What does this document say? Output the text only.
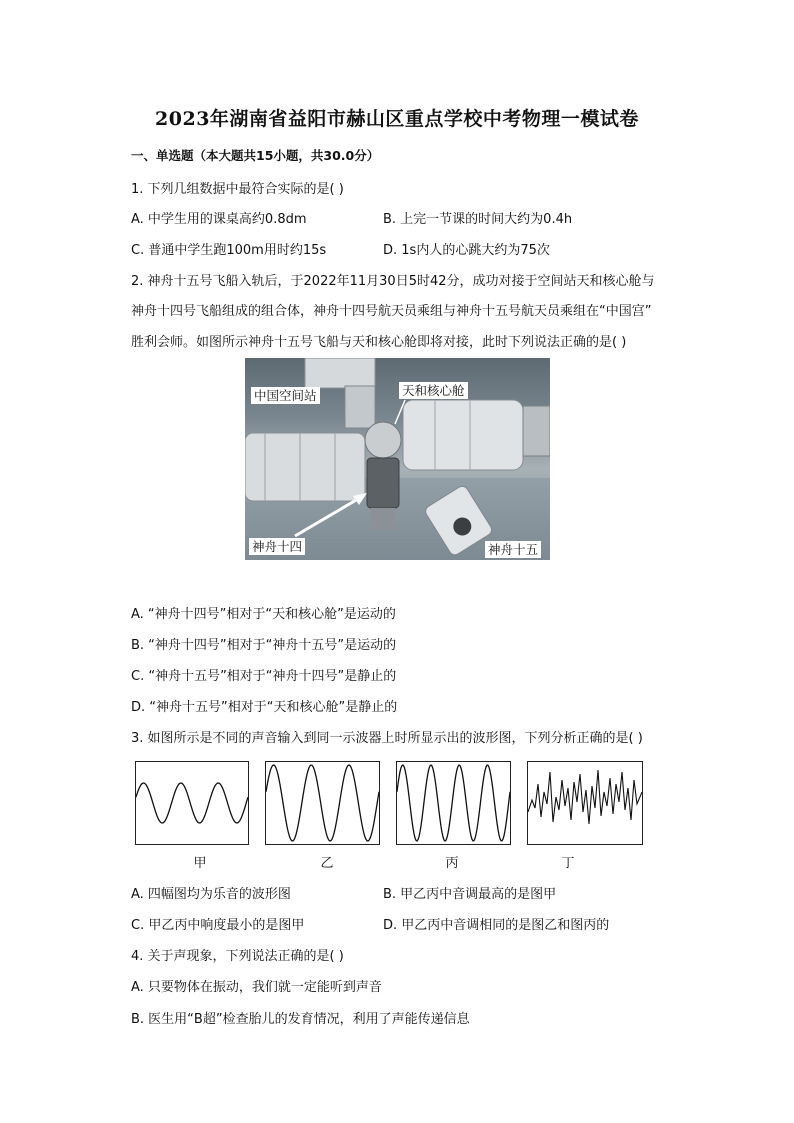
2023年湖南省益阳市赫山区重点学校中考物理一模试卷
一、单选题（本大题共15小题，共30.0分）
1. 下列几组数据中最符合实际的是( )
A. 中学生用的课桌高约0.8dm	B. 上完一节课的时间大约为0.4h
C. 普通中学生跑100m用时约15s	D. 1s内人的心跳大约为75次
2. 神舟十五号飞船入轨后，于2022年11月30日5时42分，成功对接于空间站天和核心舱与
神舟十四号飞船组成的组合体，神舟十四号航天员乘组与神舟十五号航天员乘组在“中国宫”
胜利会师。如图所示神舟十五号飞船与天和核心舱即将对接，此时下列说法正确的是( )
中国空间站	天和核心舱
神舟十四	神舟十五
A. “神舟十四号”相对于“天和核心舱”是运动的
B. “神舟十四号”相对于“神舟十五号”是运动的
C. “神舟十五号”相对于“神舟十四号”是静止的
D. “神舟十五号”相对于“天和核心舱”是静止的
3. 如图所示是不同的声音输入到同一示波器上时所显示出的波形图，下列分析正确的是( )
甲	乙	丙	丁
A. 四幅图均为乐音的波形图	B. 甲乙丙中音调最高的是图甲
C. 甲乙丙中响度最小的是图甲	D. 甲乙丙中音调相同的是图乙和图丙的
4. 关于声现象，下列说法正确的是( )
A. 只要物体在振动，我们就一定能听到声音
B. 医生用“B超”检查胎儿的发育情况，利用了声能传递信息
